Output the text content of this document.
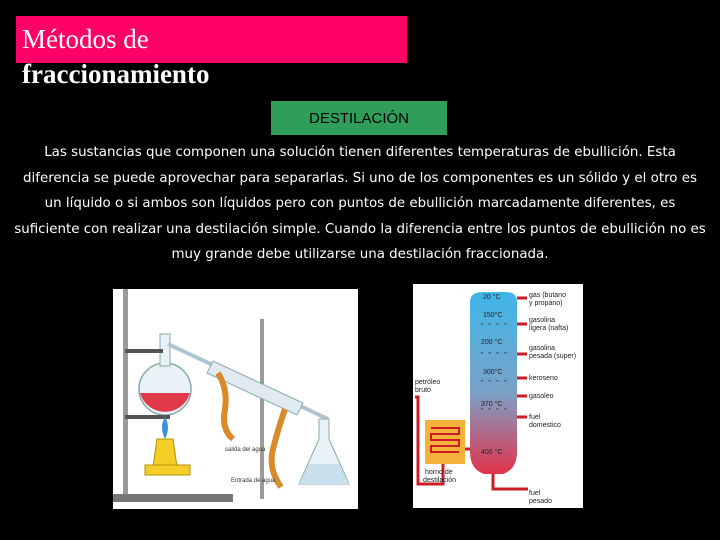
Métodos de
fraccionamiento
DESTILACIÓN

Las sustancias que componen una solución tienen diferentes temperaturas de ebullición. Esta diferencia se puede aprovechar para separarlas. Si uno de los componentes es un sólido y el otro es un líquido o si ambos son líquidos pero con puntos de ebullición marcadamente diferentes, es suficiente con realizar una destilación simple. Cuando la diferencia entre los puntos de ebullición no es muy grande debe utilizarse una destilación fraccionada.

salida del agua
Entrada de agua
⌃ ⌃ ⌃ ⌃
⌃ ⌃ ⌃ ⌃
⌃ ⌃ ⌃ ⌃
⌃ ⌃ ⌃ ⌃
20 °C
150°C
200 °C
300°C
370 °C
400 °C
gas (butano
y propano)
gasolina
ligera (nafta)
gasolina
pesada (super)
keroseno
gasoleo
fuel
domestico
fuel
pesado
petróleo
bruto
horno de
destilación
